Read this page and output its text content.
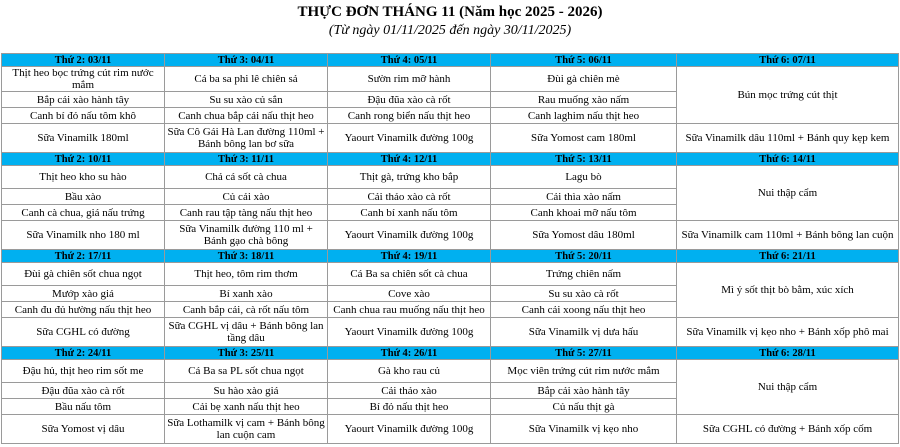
THỰC ĐƠN THÁNG 11 (Năm học 2025 - 2026)
(Từ ngày 01/11/2025 đến ngày 30/11/2025)
Thứ 2: 03/11	Thứ 3: 04/11	Thứ 4: 05/11	Thứ 5: 06/11	Thứ 6: 07/11
Thịt heo bọc trứng cút rim nước mắm	Cá ba sa phi lê chiên sả	Sườn rim mỡ hành	Đùi gà chiên mè	Bún mọc trứng cút thịt
Bắp cải xào hành tây	Su su xào củ sắn	Đậu đũa xào cà rốt	Rau muống xào nấm	
Canh bí đỏ nấu tôm khô	Canh chua bắp cải nấu thịt heo	Canh rong biển nấu thịt heo	Canh laghim nấu thịt heo	
Sữa Vinamilk 180ml	Sữa Cô Gái Hà Lan đường 110ml + Bánh bông lan bơ sữa	Yaourt Vinamilk đường 100g	Sữa Yomost cam 180ml	Sữa Vinamilk dâu 110ml + Bánh quy kẹp kem
Thứ 2: 10/11	Thứ 3: 11/11	Thứ 4: 12/11	Thứ 5: 13/11	Thứ 6: 14/11
Thịt heo kho su hào	Chả cá sốt cà chua	Thịt gà, trứng kho bắp	Lagu bò	Nui thập cẩm
Bầu xào	Củ cải xào	Cải thảo xào cà rốt	Cải thìa xào nấm	
Canh cà chua, giá nấu trứng	Canh rau tập tàng nấu thịt heo	Canh bí xanh nấu tôm	Canh khoai mỡ nấu tôm	
Sữa Vinamilk nho 180 ml	Sữa Vinamilk đường 110 ml + Bánh gạo chà bông	Yaourt Vinamilk đường 100g	Sữa Yomost dâu 180ml	Sữa Vinamilk cam 110ml + Bánh bông lan cuộn
Thứ 2: 17/11	Thứ 3: 18/11	Thứ 4: 19/11	Thứ 5: 20/11	Thứ 6: 21/11
Đùi gà chiên sốt chua ngọt	Thịt heo, tôm rim thơm	Cá Ba sa chiên sốt cà chua	Trứng chiên nấm	Mì ý sốt thịt bò bằm, xúc xích
Mướp xào giá	Bí xanh xào	Cove xào	Su su xào cà rốt	
Canh đu đủ hường nấu thịt heo	Canh bắp cải, cà rốt nấu tôm	Canh chua rau muống nấu thịt heo	Canh cải xoong nấu thịt heo	
Sữa CGHL có đường	Sữa CGHL vị dâu + Bánh bông lan tầng dâu	Yaourt Vinamilk đường 100g	Sữa Vinamilk vị dưa hấu	Sữa Vinamilk vị kẹo nho + Bánh xốp phô mai
Thứ 2: 24/11	Thứ 3: 25/11	Thứ 4: 26/11	Thứ 5: 27/11	Thứ 6: 28/11
Đậu hủ, thịt heo rim sốt me	Cá Ba sa PL sốt chua ngọt	Gà kho rau củ	Mọc viên trứng cút rim nước mắm	Nui thập cẩm
Đậu đũa xào cà rốt	Su hào xào giá	Cải thảo xào	Bắp cải xào hành tây	
Bầu nấu tôm	Cải bẹ xanh nấu thịt heo	Bí đỏ nấu thịt heo	Củ nấu thịt gà	
Sữa Yomost vị dâu	Sữa Lothamilk vị cam + Bánh bông lan cuộn cam	Yaourt Vinamilk đường 100g	Sữa Vinamilk vị kẹo nho	Sữa CGHL có đường + Bánh xốp cốm
